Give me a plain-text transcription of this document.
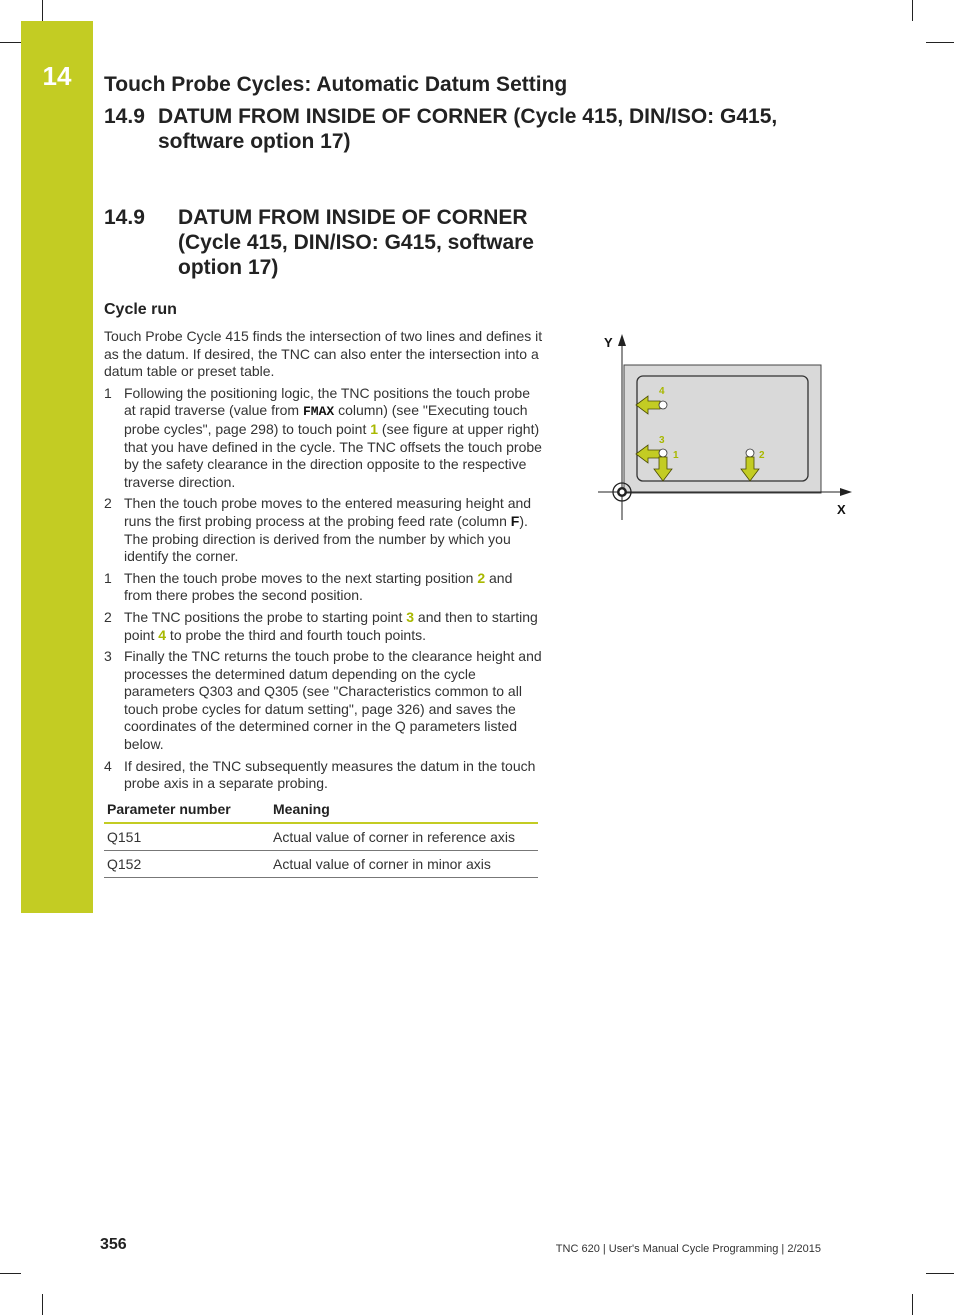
14	Touch Probe Cycles: Automatic Datum Setting
14.9 DATUM FROM INSIDE OF CORNER (Cycle 415, DIN/ISO: G415, software option 17)
14.9 DATUM FROM INSIDE OF CORNER (Cycle 415, DIN/ISO: G415, software option 17)
Cycle run

Touch Probe Cycle 415 finds the intersection of two lines and defines it as the datum. If desired, the TNC can also enter the intersection into a datum table or preset table.

1 Following the positioning logic, the TNC positions the touch probe at rapid traverse (value from FMAX column) (see "Executing touch probe cycles", page 298) to touch point 1 (see figure at upper right) that you have defined in the cycle. The TNC offsets the touch probe by the safety clearance in the direction opposite to the respective traverse direction.
2 Then the touch probe moves to the entered measuring height and runs the first probing process at the probing feed rate (column F). The probing direction is derived from the number by which you identify the corner.
1 Then the touch probe moves to the next starting position 2 and from there probes the second position.
2 The TNC positions the probe to starting point 3 and then to starting point 4 to probe the third and fourth touch points.
3 Finally the TNC returns the touch probe to the clearance height and processes the determined datum depending on the cycle parameters Q303 and Q305 (see "Characteristics common to all touch probe cycles for datum setting", page 326) and saves the coordinates of the determined corner in the Q parameters listed below.
4 If desired, the TNC subsequently measures the datum in the touch probe axis in a separate probing.
Parameter number	Meaning
Q151	Actual value of corner in reference axis
Q152	Actual value of corner in minor axis
Y
X
4
3
1	2
356	TNC 620 | User's Manual Cycle Programming | 2/2015
